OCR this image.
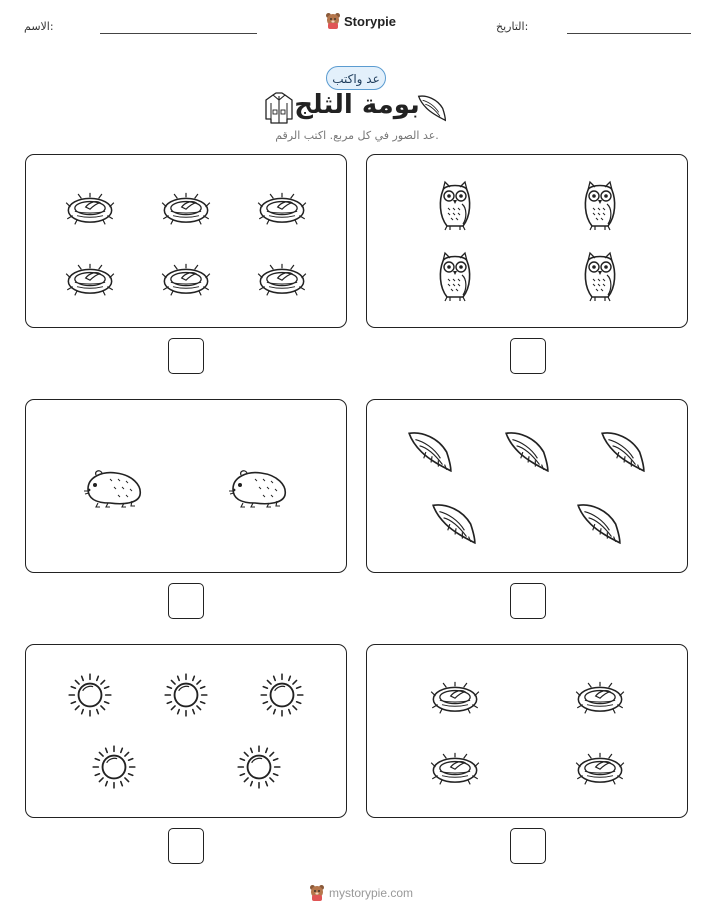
الاسم:	Storypie	التاريخ:
عد واكتب
بومة الثلج
عد الصور في كل مربع. اكتب الرقم.
mystorypie.com
